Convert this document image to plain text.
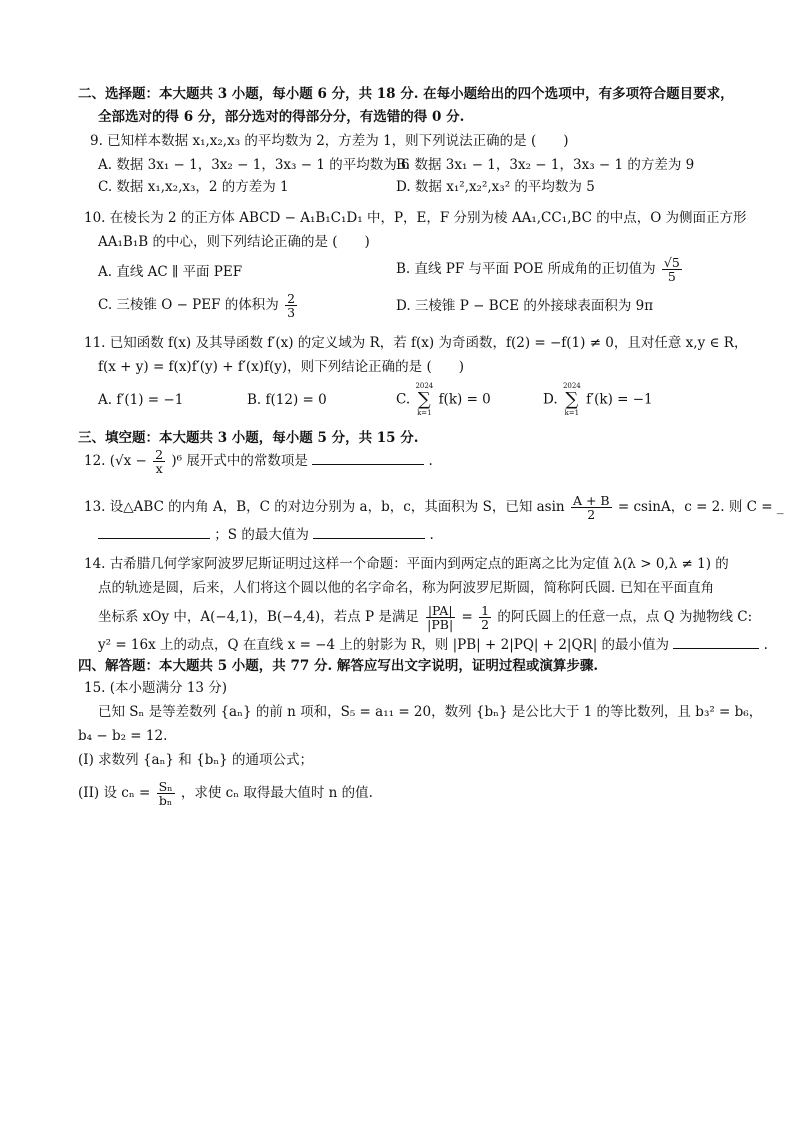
二、选择题：本大题共 3 小题，每小题 6 分，共 18 分. 在每小题给出的四个选项中，有多项符合题目要求，
全部选对的得 6 分，部分选对的得部分分，有选错的得 0 分.
9. 已知样本数据 x₁,x₂,x₃ 的平均数为 2，方差为 1，则下列说法正确的是 (　　)
A. 数据 3x₁ − 1，3x₂ − 1，3x₃ − 1 的平均数为 6
B. 数据 3x₁ − 1，3x₂ − 1，3x₃ − 1 的方差为 9
C. 数据 x₁,x₂,x₃，2 的方差为 1	D. 数据 x₁²,x₂²,x₃² 的平均数为 5
10. 在棱长为 2 的正方体 ABCD − A₁B₁C₁D₁ 中，P，E，F 分别为棱 AA₁,CC₁,BC 的中点，O 为侧面正方形
AA₁B₁B 的中心，则下列结论正确的是 (　　)
A. 直线 AC ∥ 平面 PEF	B. 直线 PF 与平面 POE 所成角的正切值为 $\frac{√5}{5}$
C. 三棱锥 O − PEF 的体积为 $\frac{2}{3}$	D. 三棱锥 P − BCE 的外接球表面积为 9π
11. 已知函数 f(x) 及其导函数 f′(x) 的定义域为 R，若 f(x) 为奇函数，f(2) = −f(1) ≠ 0，且对任意 x,y ∈ R，
f(x + y) = f(x)f′(y) + f′(x)f(y)，则下列结论正确的是 (　　)
A. f′(1) = −1	B. f(12) = 0	C.
2024
∑
k=1
f(k) = 0	D.
2024
∑
k=1
f′(k) = −1
三、填空题：本大题共 3 小题，每小题 5 分，共 15 分.
12. $(√x - \frac{2}{x} )^6$ 展开式中的常数项是	.
13. 设△ABC 的内角 A，B，C 的对边分别为 a，b，c，其面积为 S，已知 asin $\frac{A + B}{2} = csinA$，c = 2. 则 C = _
；S 的最大值为	.
14. 古希腊几何学家阿波罗尼斯证明过这样一个命题：平面内到两定点的距离之比为定值 λ(λ > 0,λ ≠ 1) 的
点的轨迹是圆，后来，人们将这个圆以他的名字命名，称为阿波罗尼斯圆，简称阿氏圆. 已知在平面直角
坐标系 xOy 中，A(−4,1)，B(−4,4)，若点 P 是满足 $\frac{|PA|}{|PB|} = \frac{1}{2}$ 的阿氏圆上的任意一点，点 Q 为抛物线 C:
y² = 16x 上的动点，Q 在直线 x = −4 上的射影为 R，则 |PB| + 2|PQ| + 2|QR| 的最小值为	.
四、解答题：本大题共 5 小题，共 77 分. 解答应写出文字说明，证明过程或演算步骤.
15. (本小题满分 13 分)
已知 Sₙ 是等差数列 {aₙ} 的前 n 项和，S₅ = a₁₁ = 20，数列 {bₙ} 是公比大于 1 的等比数列，且 b₃² = b₆，
b₄ − b₂ = 12.
(I) 求数列 {aₙ} 和 {bₙ} 的通项公式；
(II) 设 $c_n = \frac{\text{Sₙ}}{\text{bₙ}}$ ，求使 cₙ 取得最大值时 n 的值.
